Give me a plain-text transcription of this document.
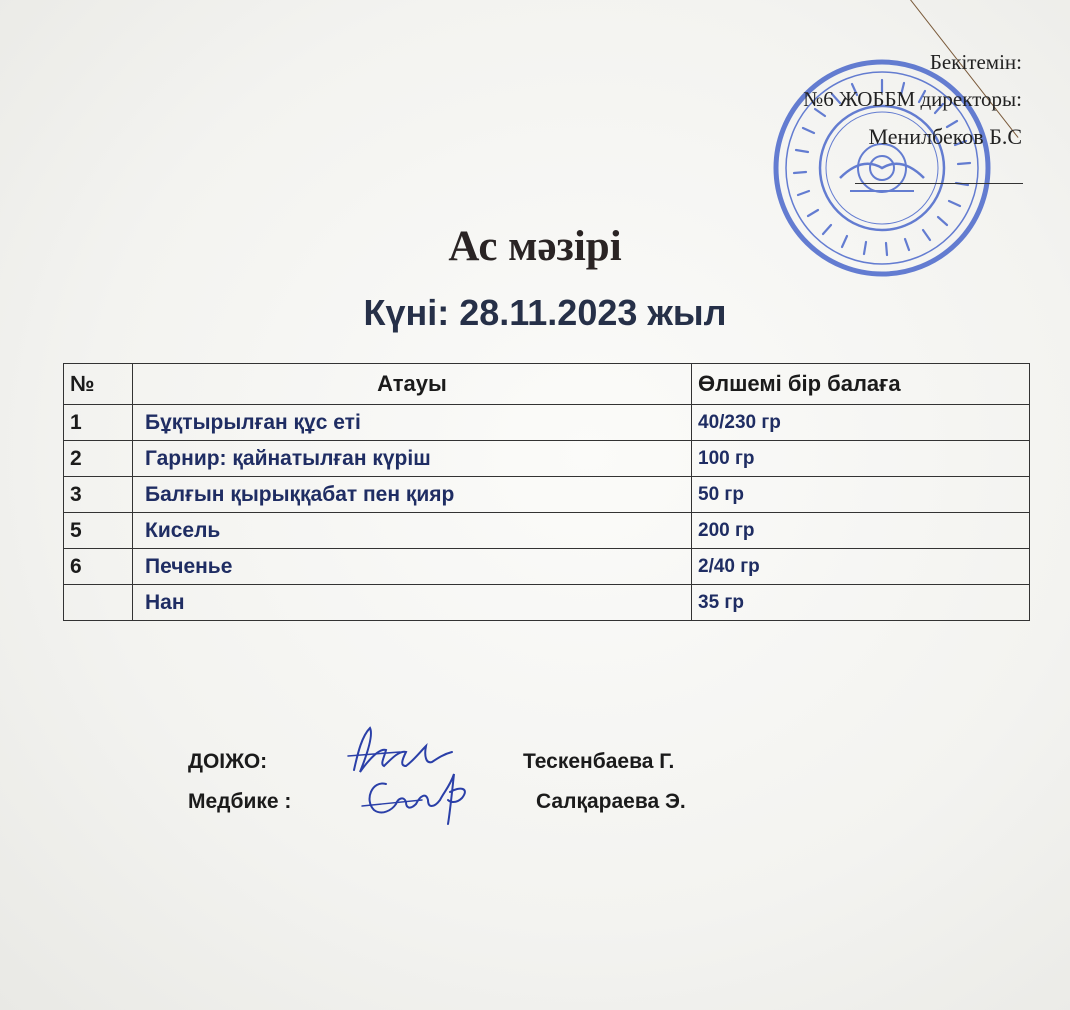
Бекітемін:
№6 ЖОББМ директоры:
Менилбеков Б.С
Ас мәзірі
Күні: 28.11.2023 жыл
№	Атауы	Өлшемі бір балаға
1	Бұқтырылған құс еті	40/230 гр
2	Гарнир: қайнатылған күріш	100 гр
3	Балғын қырыққабат пен қияр	50 гр
5	Кисель	200 гр
6	Печенье	2/40 гр
	Нан	35 гр
ДОІЖО:	Тескенбаева Г.
Медбике :	Салқараева Э.
